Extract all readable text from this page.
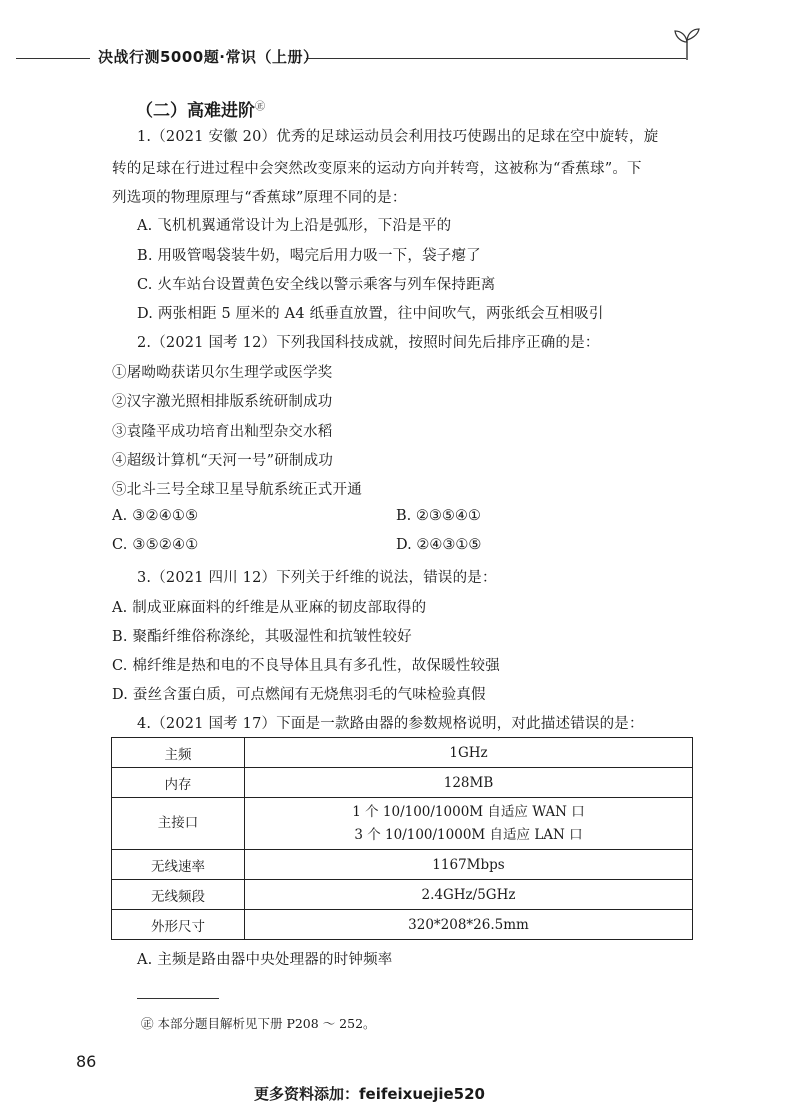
决战行测5000题·常识（上册）
（二）高难进阶㊣
1.（2021 安徽 20）优秀的足球运动员会利用技巧使踢出的足球在空中旋转，旋
转的足球在行进过程中会突然改变原来的运动方向并转弯，这被称为“香蕉球”。下
列选项的物理原理与“香蕉球”原理不同的是：
A. 飞机机翼通常设计为上沿是弧形，下沿是平的
B. 用吸管喝袋装牛奶，喝完后用力吸一下，袋子瘪了
C. 火车站台设置黄色安全线以警示乘客与列车保持距离
D. 两张相距 5 厘米的 A4 纸垂直放置，往中间吹气，两张纸会互相吸引
2.（2021 国考 12）下列我国科技成就，按照时间先后排序正确的是：
①屠呦呦获诺贝尔生理学或医学奖
②汉字激光照相排版系统研制成功
③袁隆平成功培育出籼型杂交水稻
④超级计算机“天河一号”研制成功
⑤北斗三号全球卫星导航系统正式开通
A. ③②④①⑤	B. ②③⑤④①
C. ③⑤②④①	D. ②④③①⑤
3.（2021 四川 12）下列关于纤维的说法，错误的是：
A. 制成亚麻面料的纤维是从亚麻的韧皮部取得的
B. 聚酯纤维俗称涤纶，其吸湿性和抗皱性较好
C. 棉纤维是热和电的不良导体且具有多孔性，故保暖性较强
D. 蚕丝含蛋白质，可点燃闻有无烧焦羽毛的气味检验真假
4.（2021 国考 17）下面是一款路由器的参数规格说明，对此描述错误的是：
主频	1GHz
内存	128MB
主接口	1 个 10/100/1000M 自适应 WAN 口
3 个 10/100/1000M 自适应 LAN 口

无线速率	1167Mbps
无线频段	2.4GHz/5GHz
外形尺寸	320*208*26.5mm
A. 主频是路由器中央处理器的时钟频率
㊣ 本部分题目解析见下册 P208 ～ 252。
86
更多资料添加：feifeixuejie520
